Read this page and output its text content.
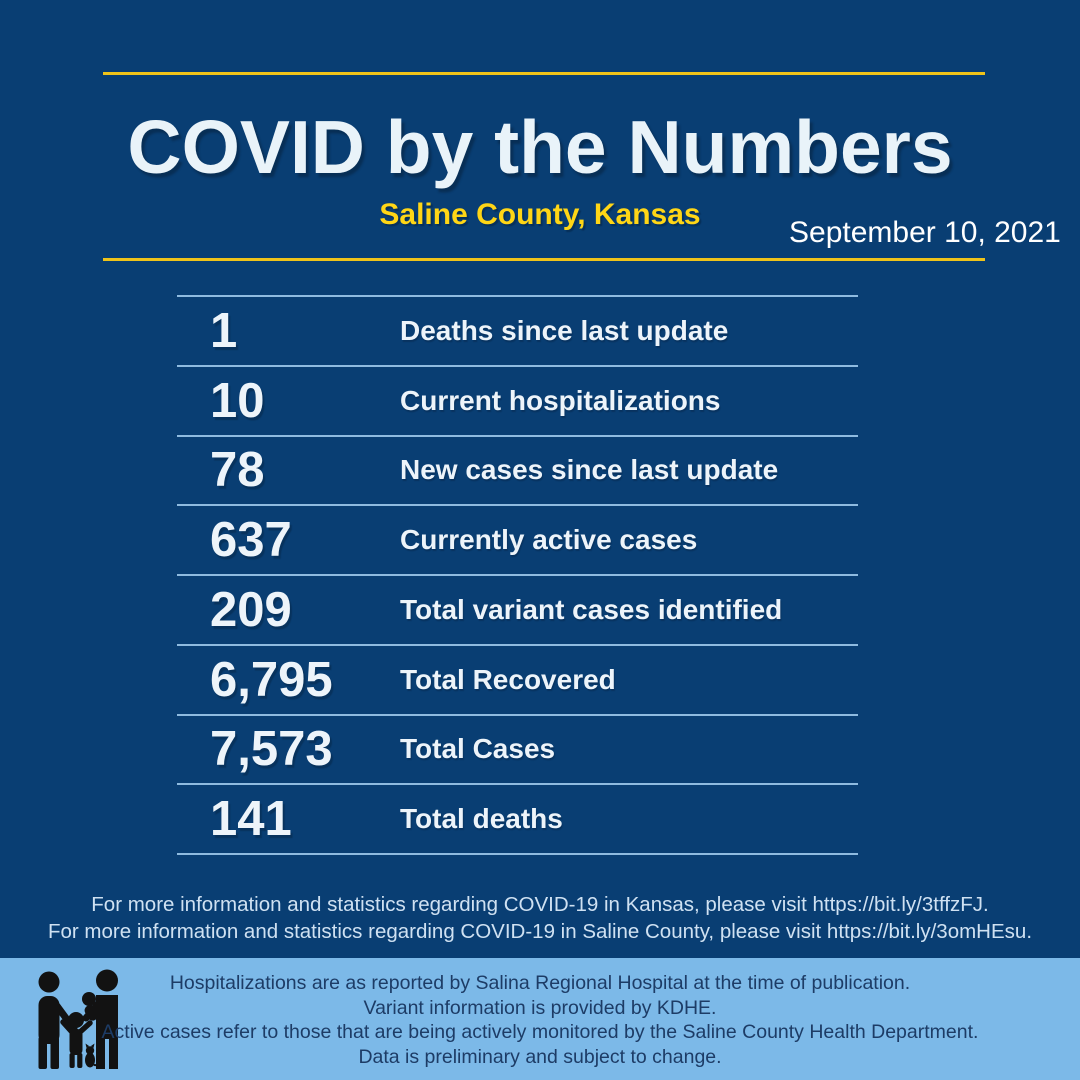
COVID by the Numbers
Saline County, Kansas
September 10, 2021
1	Deaths since last update
10	Current hospitalizations
78	New cases since last update
637	Currently active cases
209	Total variant cases identified
6,795	Total Recovered
7,573	Total Cases
141	Total deaths
For more information and statistics regarding COVID-19 in Kansas, please visit https://bit.ly/3tffzFJ.
For more information and statistics regarding COVID-19 in Saline County, please visit https://bit.ly/3omHEsu.
Hospitalizations are as reported by Salina Regional Hospital at the time of publication.
Variant information is provided by KDHE.
Active cases refer to those that are being actively monitored by the Saline County Health Department.
Data is preliminary and subject to change.
